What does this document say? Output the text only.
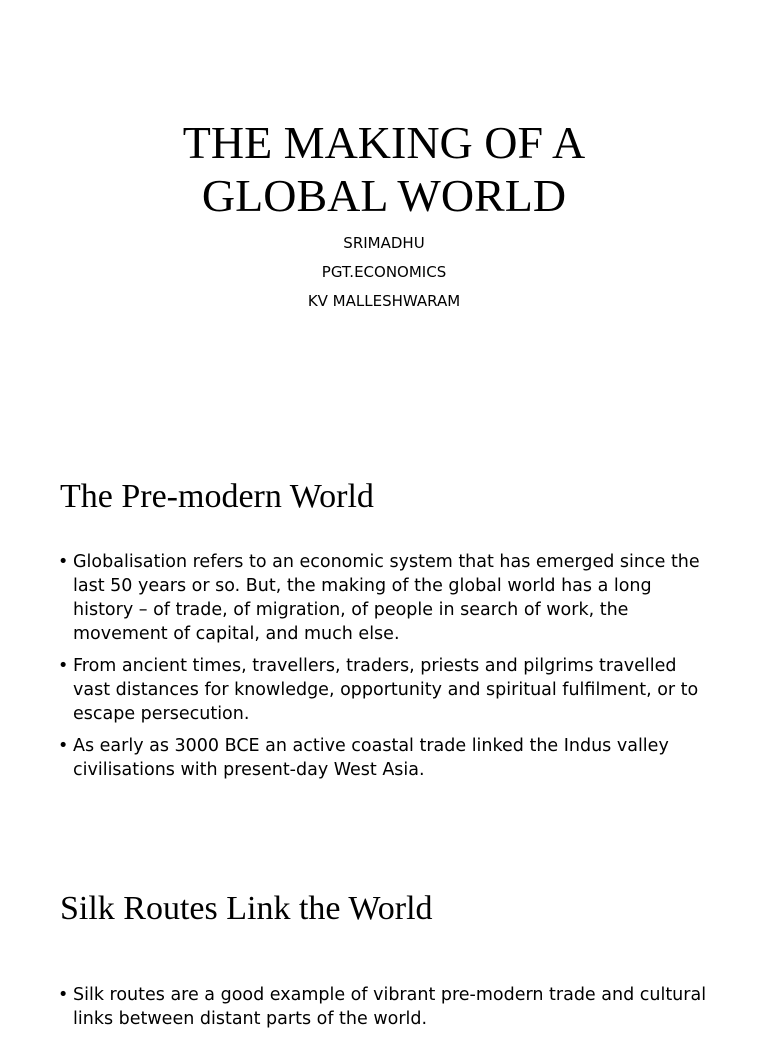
THE MAKING OF A
GLOBAL WORLD
SRIMADHU
PGT.ECONOMICS
KV MALLESHWARAM
The Pre-modern World
• Globalisation refers to an economic system that has emerged since the last 50 years or so. But, the making of the global world has a long history – of trade, of migration, of people in search of work, the movement of capital, and much else.
• From ancient times, travellers, traders, priests and pilgrims travelled vast distances for knowledge, opportunity and spiritual fulfilment, or to escape persecution.
• As early as 3000 BCE an active coastal trade linked the Indus valley civilisations with present-day West Asia.
Silk Routes Link the World
• Silk routes are a good example of vibrant pre-modern trade and cultural links between distant parts of the world.
